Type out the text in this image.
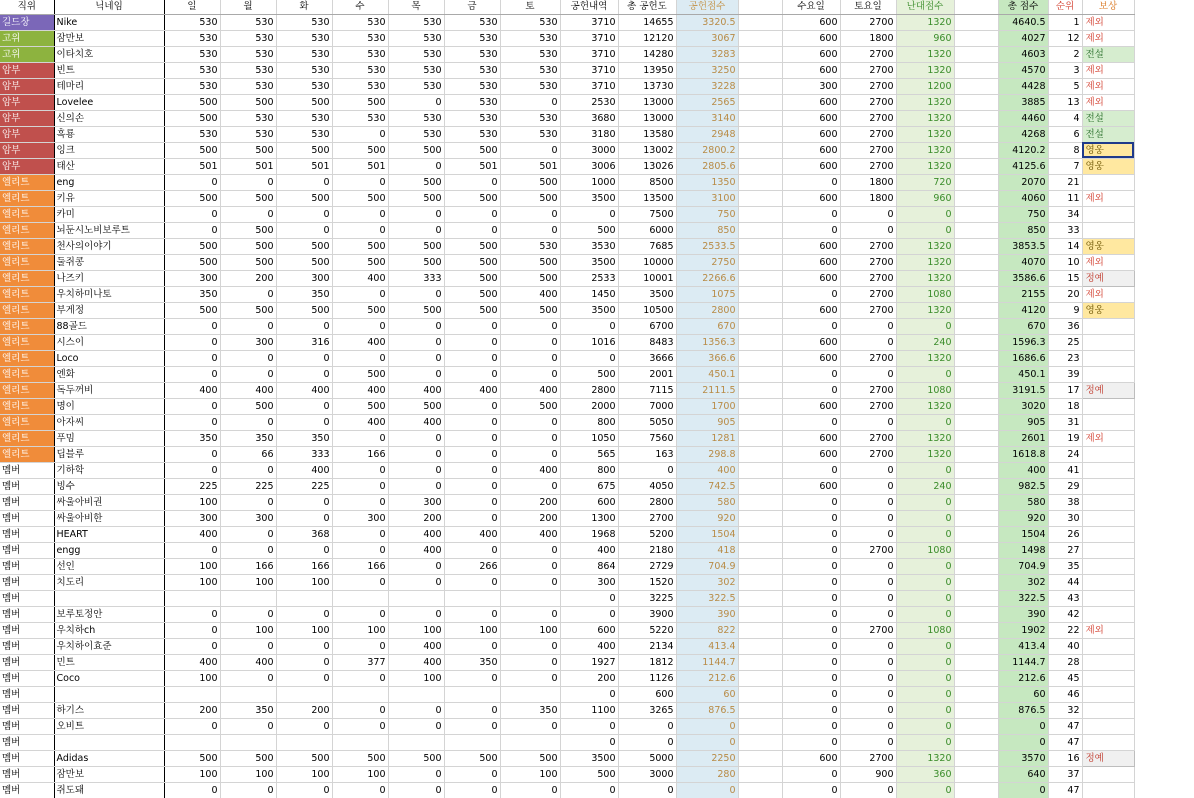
직위	닉네임	일	월	화	수	목	금	토	공헌내역	총 공헌도	공헌점수		수요일	토요일	난대점수		총 점수	순위	보상
길드장	Nike	530	530	530	530	530	530	530	3710	14655	3320.5		600	2700	1320		4640.5	1	제외
고위	잠만보	530	530	530	530	530	530	530	3710	12120	3067		600	1800	960		4027	12	제외
고위	이타치호	530	530	530	530	530	530	530	3710	14280	3283		600	2700	1320		4603	2	전설
암부	빈트	530	530	530	530	530	530	530	3710	13950	3250		600	2700	1320		4570	3	제외
암부	테마리	530	530	530	530	530	530	530	3710	13730	3228		300	2700	1200		4428	5	제외
암부	Lovelee	500	500	500	500	0	530	0	2530	13000	2565		600	2700	1320		3885	13	제외
암부	신의손	500	530	530	530	530	530	530	3680	13000	3140		600	2700	1320		4460	4	전설
암부	흑룡	530	530	530	0	530	530	530	3180	13580	2948		600	2700	1320		4268	6	전설
암부	잉크	500	500	500	500	500	500	0	3000	13002	2800.2		600	2700	1320		4120.2	8	영웅
암부	태산	501	501	501	501	0	501	501	3006	13026	2805.6		600	2700	1320		4125.6	7	영웅
엘리트	eng	0	0	0	0	500	0	500	1000	8500	1350		0	1800	720		2070	21	
엘리트	키유	500	500	500	500	500	500	500	3500	13500	3100		600	1800	960		4060	11	제외
엘리트	카미	0	0	0	0	0	0	0	0	7500	750		0	0	0		750	34	
엘리트	뇌둔시노비보루트	0	500	0	0	0	0	0	500	6000	850		0	0	0		850	33	
엘리트	천사의이야기	500	500	500	500	500	500	530	3530	7685	2533.5		600	2700	1320		3853.5	14	영웅
엘리트	둘쥐콩	500	500	500	500	500	500	500	3500	10000	2750		600	2700	1320		4070	10	제외
엘리트	나즈키	300	200	300	400	333	500	500	2533	10001	2266.6		600	2700	1320		3586.6	15	정예
엘리트	우치하미나토	350	0	350	0	0	500	400	1450	3500	1075		0	2700	1080		2155	20	제외
엘리트	부게정	500	500	500	500	500	500	500	3500	10500	2800		600	2700	1320		4120	9	영웅
엘리트	88골드	0	0	0	0	0	0	0	0	6700	670		0	0	0		670	36	
엘리트	시스이	0	300	316	400	0	0	0	1016	8483	1356.3		600	0	240		1596.3	25	
엘리트	Loco	0	0	0	0	0	0	0	0	3666	366.6		600	2700	1320		1686.6	23	
엘리트	엔화	0	0	0	500	0	0	0	500	2001	450.1		0	0	0		450.1	39	
엘리트	독두꺼비	400	400	400	400	400	400	400	2800	7115	2111.5		0	2700	1080		3191.5	17	정예
엘리트	명이	0	500	0	500	500	0	500	2000	7000	1700		600	2700	1320		3020	18	
엘리트	아자씨	0	0	0	400	400	0	0	800	5050	905		0	0	0		905	31	
엘리트	푸밈	350	350	350	0	0	0	0	1050	7560	1281		600	2700	1320		2601	19	제외
엘리트	딥블루	0	66	333	166	0	0	0	565	163	298.8		600	2700	1320		1618.8	24	
멤버	기하학	0	0	400	0	0	0	400	800	0	400		0	0	0		400	41	
멤버	빙수	225	225	225	0	0	0	0	675	4050	742.5		600	0	240		982.5	29	
멤버	싸울아비권	100	0	0	0	300	0	200	600	2800	580		0	0	0		580	38	
멤버	싸울아비한	300	300	0	300	200	0	200	1300	2700	920		0	0	0		920	30	
멤버	HEART	400	0	368	0	400	400	400	1968	5200	1504		0	0	0		1504	26	
멤버	engg	0	0	0	0	400	0	0	400	2180	418		0	2700	1080		1498	27	
멤버	선인	100	166	166	166	0	266	0	864	2729	704.9		0	0	0		704.9	35	
멤버	치도리	100	100	100	0	0	0	0	300	1520	302		0	0	0		302	44	
멤버									0	3225	322.5		0	0	0		322.5	43	
멤버	보루토정안	0	0	0	0	0	0	0	0	3900	390		0	0	0		390	42	
멤버	우치하ch	0	100	100	100	100	100	100	600	5220	822		0	2700	1080		1902	22	제외
멤버	우치하이효준	0	0	0	0	400	0	0	400	2134	413.4		0	0	0		413.4	40	
멤버	민트	400	400	0	377	400	350	0	1927	1812	1144.7		0	0	0		1144.7	28	
멤버	Coco	100	0	0	0	100	0	0	200	1126	212.6		0	0	0		212.6	45	
멤버									0	600	60		0	0	0		60	46	
멤버	하기스	200	350	200	0	0	0	350	1100	3265	876.5		0	0	0		876.5	32	
멤버	오비트	0	0	0	0	0	0	0	0	0	0		0	0	0		0	47	
멤버									0	0	0		0	0	0		0	47	
멤버	Adidas	500	500	500	500	500	500	500	3500	5000	2250		600	2700	1320		3570	16	정예
멤버	잠만보	100	100	100	100	0	0	100	500	3000	280		0	900	360		640	37	
멤버	쥐도돼	0	0	0	0	0	0	0	0	0	0		0	0	0		0	47	
